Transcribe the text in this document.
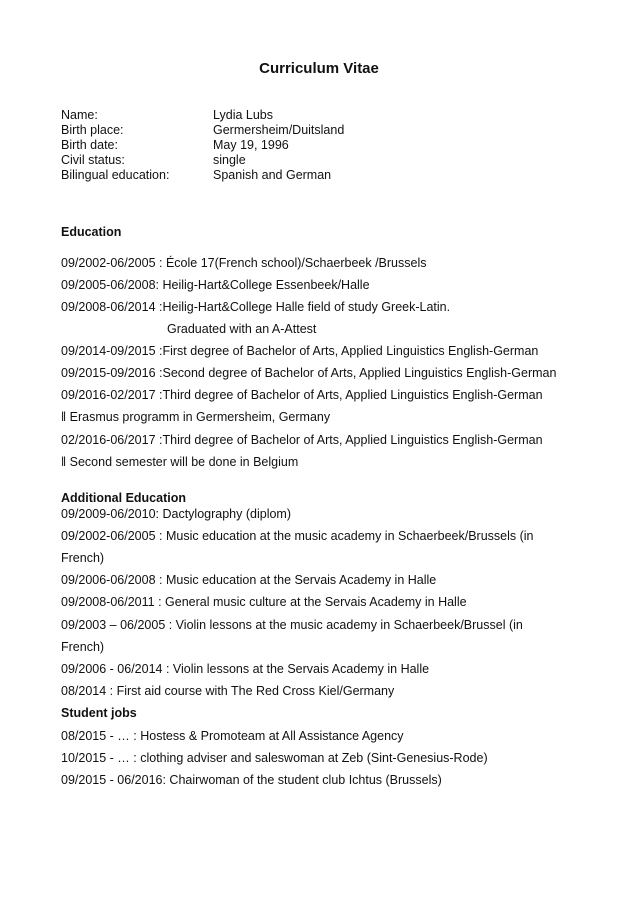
Curriculum Vitae
Name:	Lydia Lubs
Birth place:	Germersheim/Duitsland
Birth date:	May 19, 1996
Civil status:	single
Bilingual education:	Spanish and German
Education
09/2002-06/2005 : École 17(French school)/Schaerbeek /Brussels
09/2005-06/2008: Heilig-Hart&College Essenbeek/Halle
09/2008-06/2014 :Heilig-Hart&College Halle field of study Greek-Latin.
Graduated with an A-Attest
09/2014-09/2015 :First degree of Bachelor of Arts, Applied Linguistics English-German
09/2015-09/2016 :Second degree of Bachelor of Arts, Applied Linguistics English-German
09/2016-02/2017 :Third degree of Bachelor of Arts, Applied Linguistics English-German
‖ Erasmus programm in Germersheim, Germany
02/2016-06/2017 :Third degree of Bachelor of Arts, Applied Linguistics English-German
‖ Second semester will be done in Belgium
Additional Education
09/2009-06/2010: Dactylography (diplom)
09/2002-06/2005 : Music education at the music academy in Schaerbeek/Brussels (in
French)
09/2006-06/2008 : Music education at the Servais Academy in Halle
09/2008-06/2011 : General music culture at the Servais Academy in Halle
09/2003 – 06/2005 : Violin lessons at the music academy in Schaerbeek/Brussel (in
French)
09/2006 - 06/2014 : Violin lessons at the Servais Academy in Halle
08/2014 : First aid course with The Red Cross Kiel/Germany
Student jobs
08/2015 - … : Hostess & Promoteam at All Assistance Agency
10/2015 - … : clothing adviser and saleswoman at Zeb (Sint-Genesius-Rode)
09/2015 - 06/2016: Chairwoman of the student club Ichtus (Brussels)
